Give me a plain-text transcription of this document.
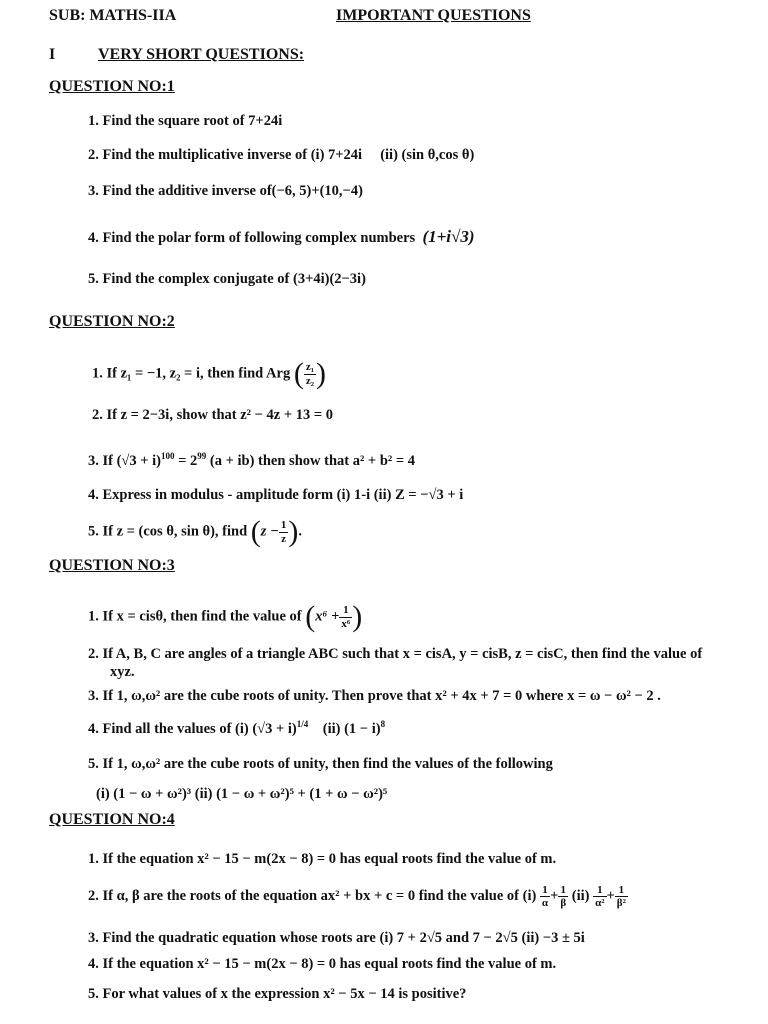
SUB: MATHS-IIA	IMPORTANT QUESTIONS
I	VERY SHORT QUESTIONS:
QUESTION NO:1
1. Find the square root of 7+24i
2. Find the multiplicative inverse of (i) 7+24i (ii) (sin θ,cos θ)
3. Find the additive inverse of(−6, 5)+(10,−4)
4. Find the polar form of following complex numbers (1+i√3)
5. Find the complex conjugate of (3+4i)(2−3i)
QUESTION NO:2
1. If z₁ = −1, z₂ = i, then find Arg ( $\frac{\text{z₁}}{\text{z₂}}$ )
2. If z = 2−3i, show that z² − 4z + 13 = 0
3. If $(√3 + i)^{100} = 2^{99}$ (a + ib) then show that a² + b² = 4
4. Express in modulus - amplitude form (i) 1-i (ii) Z = −√3 + i
5. If z = (cos θ, sin θ), find ($z - \frac{1}{z}$ ).
QUESTION NO:3
1. If x = cisθ, then find the value of ($x^6 + \frac{1}{\text{x⁶}}$ )
2. If A, B, C are angles of a triangle ABC such that x = cisA, y = cisB, z = cisC, then find the value of
xyz.
3. If 1, ω,ω² are the cube roots of unity. Then prove that x² + 4x + 7 = 0 where x = ω − ω² − 2 .
4. Find all the values of (i) $(√3 + i)^{1/4}$ (ii) $(1 - i)^8$
5. If 1, ω,ω² are the cube roots of unity, then find the values of the following
(i) (1 − ω + ω²)³ (ii) (1 − ω + ω²)⁵ + (1 + ω − ω²)⁵
QUESTION NO:4
1. If the equation x² − 15 − m(2x − 8) = 0 has equal roots find the value of m.
2. If α, β are the roots of the equation ax² + bx + c = 0 find the value of $(i) \frac{1}{\alpha} + \frac{1}{\beta} (ii) \frac{1}{\text{α²}} + \frac{1}{\text{β²}}$
3. Find the quadratic equation whose roots are (i) 7 + 2√5 and 7 − 2√5 (ii) −3 ± 5i
4. If the equation x² − 15 − m(2x − 8) = 0 has equal roots find the value of m.
5. For what values of x the expression x² − 5x − 14 is positive?
